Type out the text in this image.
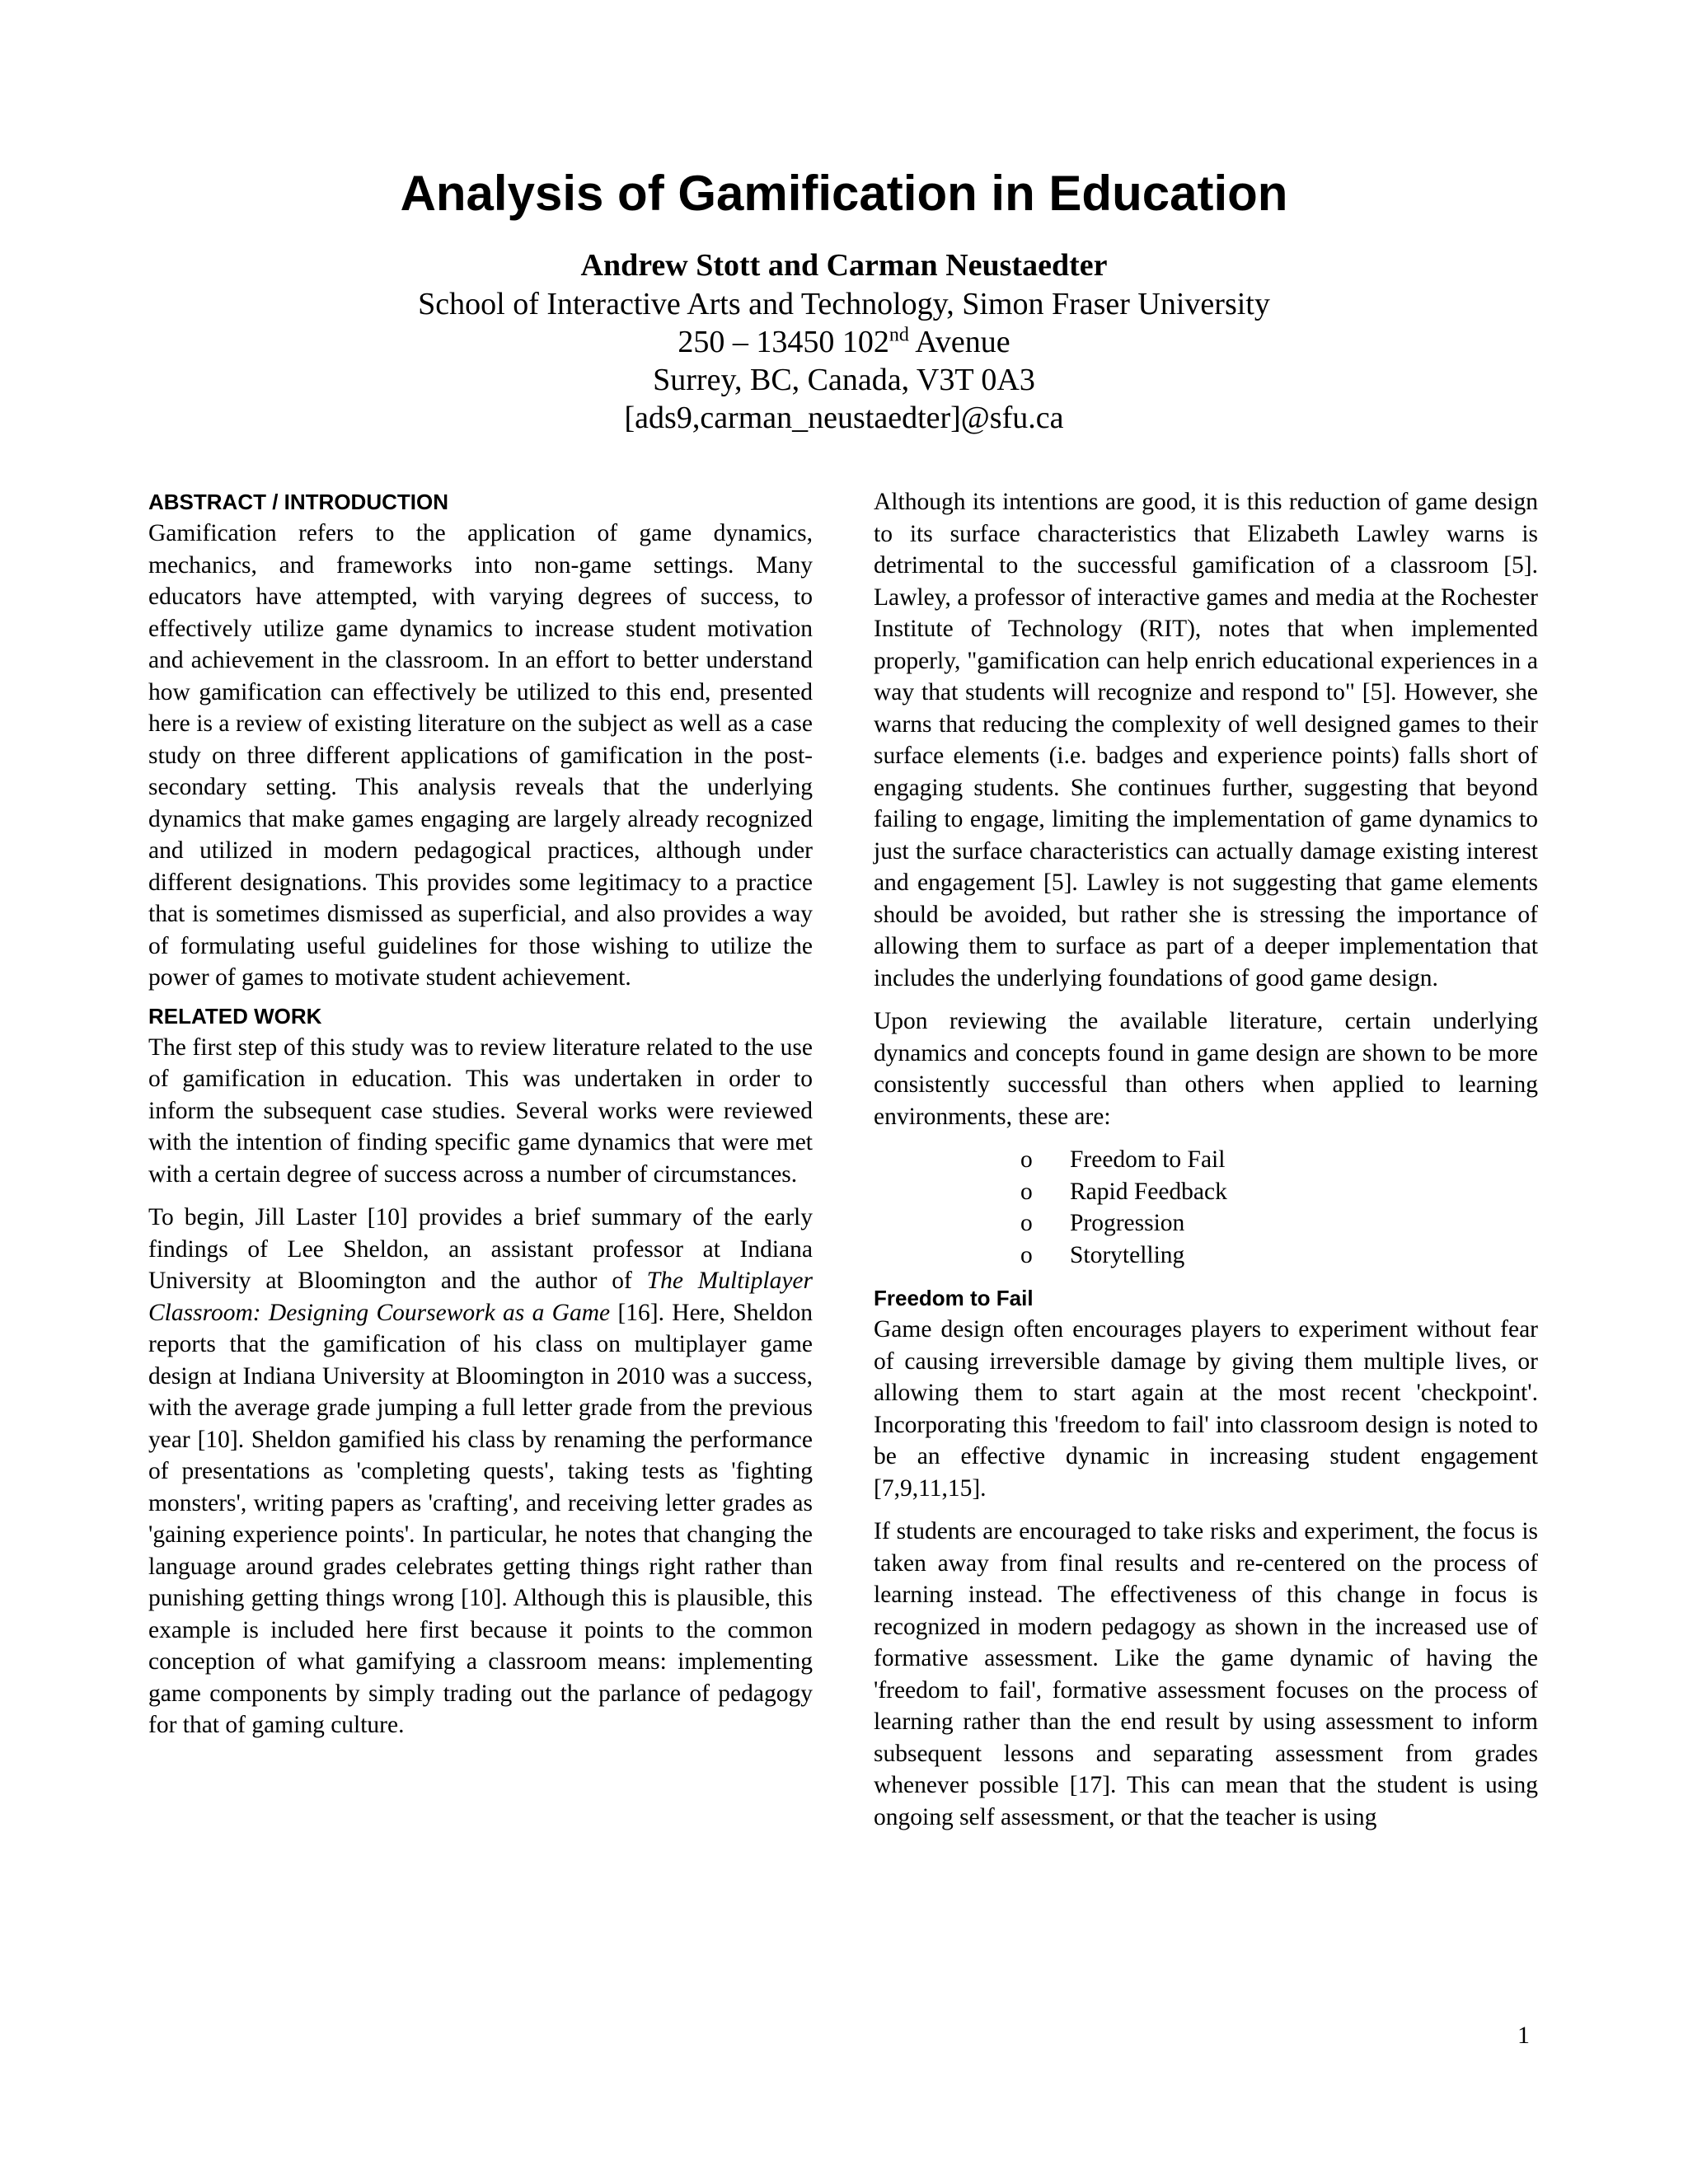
Analysis of Gamification in Education
Andrew Stott and Carman Neustaedter
School of Interactive Arts and Technology, Simon Fraser University
250 – 13450 102nd Avenue
Surrey, BC, Canada, V3T 0A3
[ads9,carman_neustaedter]@sfu.ca
ABSTRACT / INTRODUCTION

Gamification refers to the application of game dynamics, mechanics, and frameworks into non-game settings. Many educators have attempted, with varying degrees of success, to effectively utilize game dynamics to increase student motivation and achievement in the classroom. In an effort to better understand how gamification can effectively be utilized to this end, presented here is a review of existing literature on the subject as well as a case study on three different applications of gamification in the post-secondary setting. This analysis reveals that the underlying dynamics that make games engaging are largely already recognized and utilized in modern pedagogical practices, although under different designations. This provides some legitimacy to a practice that is sometimes dismissed as superficial, and also provides a way of formulating useful guidelines for those wishing to utilize the power of games to motivate student achievement.

RELATED WORK

The first step of this study was to review literature related to the use of gamification in education. This was undertaken in order to inform the subsequent case studies. Several works were reviewed with the intention of finding specific game dynamics that were met with a certain degree of success across a number of circumstances.

To begin, Jill Laster [10] provides a brief summary of the early findings of Lee Sheldon, an assistant professor at Indiana University at Bloomington and the author of The Multiplayer Classroom: Designing Coursework as a Game [16]. Here, Sheldon reports that the gamification of his class on multiplayer game design at Indiana University at Bloomington in 2010 was a success, with the average grade jumping a full letter grade from the previous year [10]. Sheldon gamified his class by renaming the performance of presentations as 'completing quests', taking tests as 'fighting monsters', writing papers as 'crafting', and receiving letter grades as 'gaining experience points'. In particular, he notes that changing the language around grades celebrates getting things right rather than punishing getting things wrong [10]. Although this is plausible, this example is included here first because it points to the common conception of what gamifying a classroom means: implementing game components by simply trading out the parlance of pedagogy for that of gaming culture.

Although its intentions are good, it is this reduction of game design to its surface characteristics that Elizabeth Lawley warns is detrimental to the successful gamification of a classroom [5]. Lawley, a professor of interactive games and media at the Rochester Institute of Technology (RIT), notes that when implemented properly, "gamification can help enrich educational experiences in a way that students will recognize and respond to" [5]. However, she warns that reducing the complexity of well designed games to their surface elements (i.e. badges and experience points) falls short of engaging students. She continues further, suggesting that beyond failing to engage, limiting the implementation of game dynamics to just the surface characteristics can actually damage existing interest and engagement [5]. Lawley is not suggesting that game elements should be avoided, but rather she is stressing the importance of allowing them to surface as part of a deeper implementation that includes the underlying foundations of good game design.

Upon reviewing the available literature, certain underlying dynamics and concepts found in game design are shown to be more consistently successful than others when applied to learning environments, these are:

o Freedom to Fail
o Rapid Feedback
o Progression
o Storytelling
Freedom to Fail

Game design often encourages players to experiment without fear of causing irreversible damage by giving them multiple lives, or allowing them to start again at the most recent 'checkpoint'. Incorporating this 'freedom to fail' into classroom design is noted to be an effective dynamic in increasing student engagement [7,9,11,15].

If students are encouraged to take risks and experiment, the focus is taken away from final results and re-centered on the process of learning instead. The effectiveness of this change in focus is recognized in modern pedagogy as shown in the increased use of formative assessment. Like the game dynamic of having the 'freedom to fail', formative assessment focuses on the process of learning rather than the end result by using assessment to inform subsequent lessons and separating assessment from grades whenever possible [17]. This can mean that the student is using ongoing self assessment, or that the teacher is using

1
